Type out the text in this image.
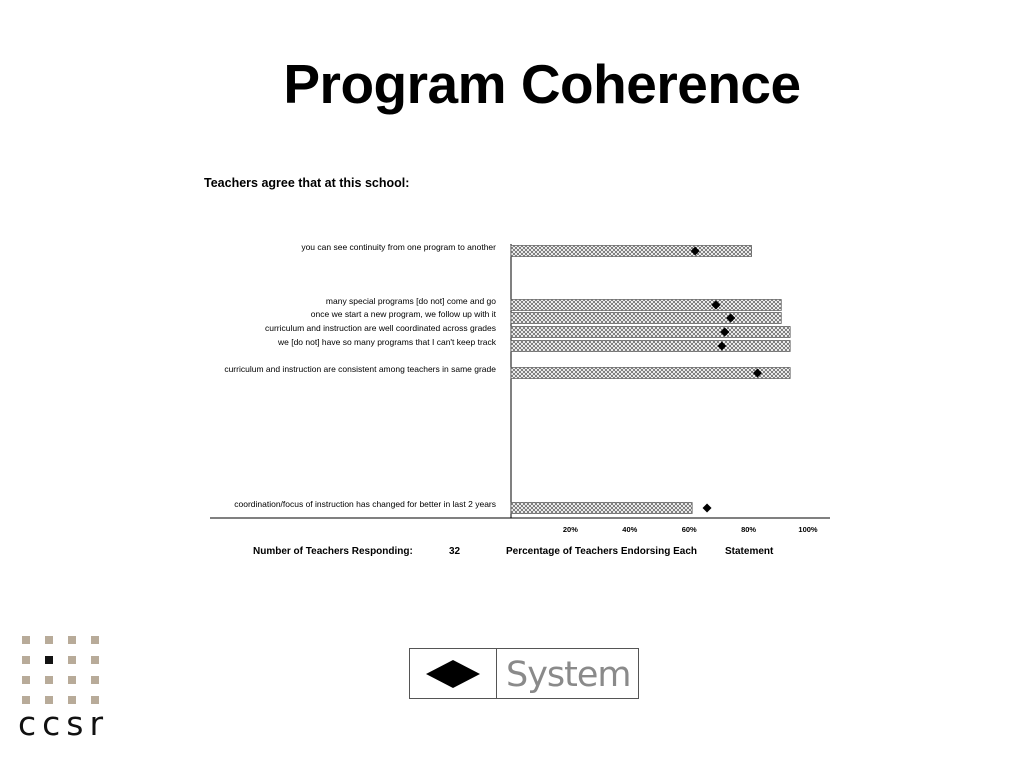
Program Coherence
Teachers agree that at this school:
you can see continuity from one program to another
many special programs [do not] come and go
once we start a new program, we follow up with it
curriculum and instruction are well coordinated across grades
we [do not] have so many programs that I can't keep track
curriculum and instruction are consistent among teachers in same grade
coordination/focus of instruction has changed for better in last 2 years
20%	40%	60%	80%	100%
Number of Teachers Responding:	32	Percentage of Teachers Endorsing Each	Statement
System
ccsr
